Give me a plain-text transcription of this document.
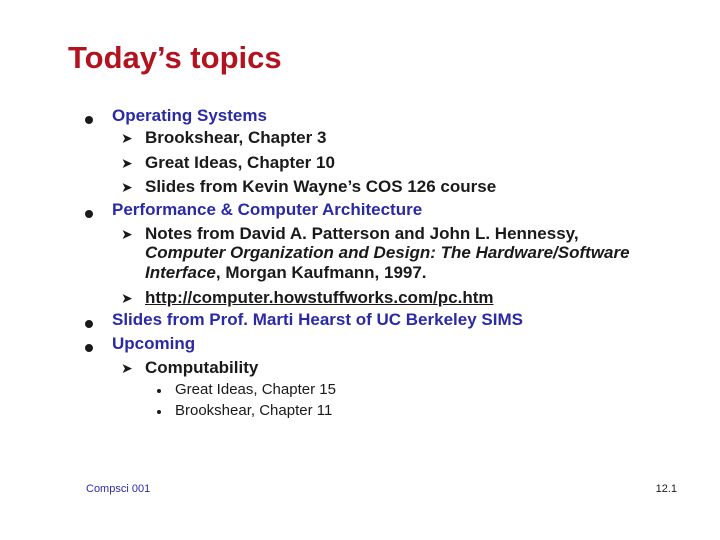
Today’s topics
Operating Systems
➤ Brookshear, Chapter 3
➤ Great Ideas, Chapter 10
➤ Slides from Kevin Wayne’s COS 126 course
Performance & Computer Architecture
➤ Notes from David A. Patterson and John L. Hennessy,
Computer Organization and Design: The Hardware/Software
Interface, Morgan Kaufmann, 1997.
➤ http://computer.howstuffworks.com/pc.htm
Slides from Prof. Marti Hearst of UC Berkeley SIMS
Upcoming
➤ Computability
Great Ideas, Chapter 15
Brookshear, Chapter 11
Compsci 001	12.1
